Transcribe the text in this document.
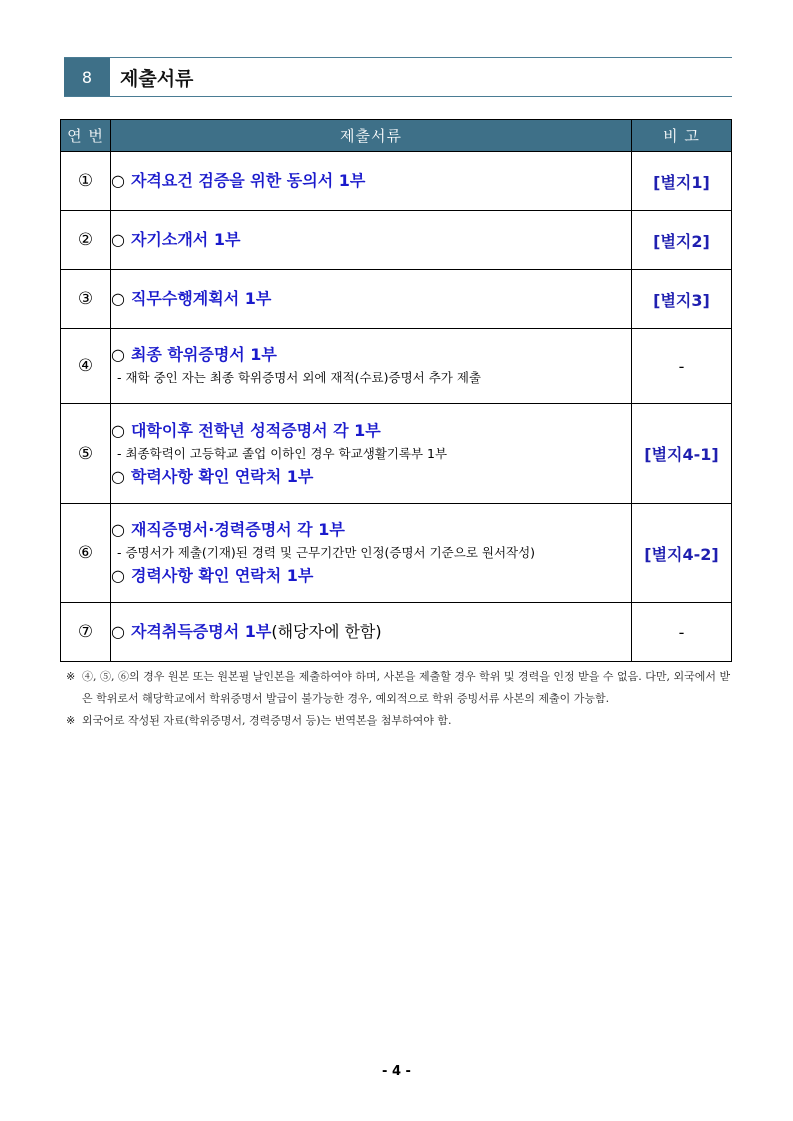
8	제출서류
연 번	제출서류	비 고
①	○ 자격요건 검증을 위한 동의서 1부	[별지1]
②	○ 자기소개서 1부	[별지2]
③	○ 직무수행계획서 1부	[별지3]
④	○ 최종 학위증명서 1부
- 재학 중인 자는 최종 학위증명서 외에 재적(수료)증명서 추가 제출	-
⑤	○ 대학이후 전학년 성적증명서 각 1부
- 최종학력이 고등학교 졸업 이하인 경우 학교생활기록부 1부
○ 학력사항 확인 연락처 1부	[별지4-1]
⑥	○ 재직증명서·경력증명서 각 1부
- 증명서가 제출(기재)된 경력 및 근무기간만 인정(증명서 기준으로 원서작성)
○ 경력사항 확인 연락처 1부	[별지4-2]
⑦	○ 자격취득증명서 1부(해당자에 한함)	-
※ ④, ⑤, ⑥의 경우 원본 또는 원본필 날인본을 제출하여야 하며, 사본을 제출할 경우 학위 및 경력을 인정 받을 수 없음. 다만, 외국에서 받은 학위로서 해당학교에서 학위증명서 발급이 불가능한 경우, 예외적으로 학위 증빙서류 사본의 제출이 가능함.
※ 외국어로 작성된 자료(학위증명서, 경력증명서 등)는 번역본을 첨부하여야 함.
- 4 -
